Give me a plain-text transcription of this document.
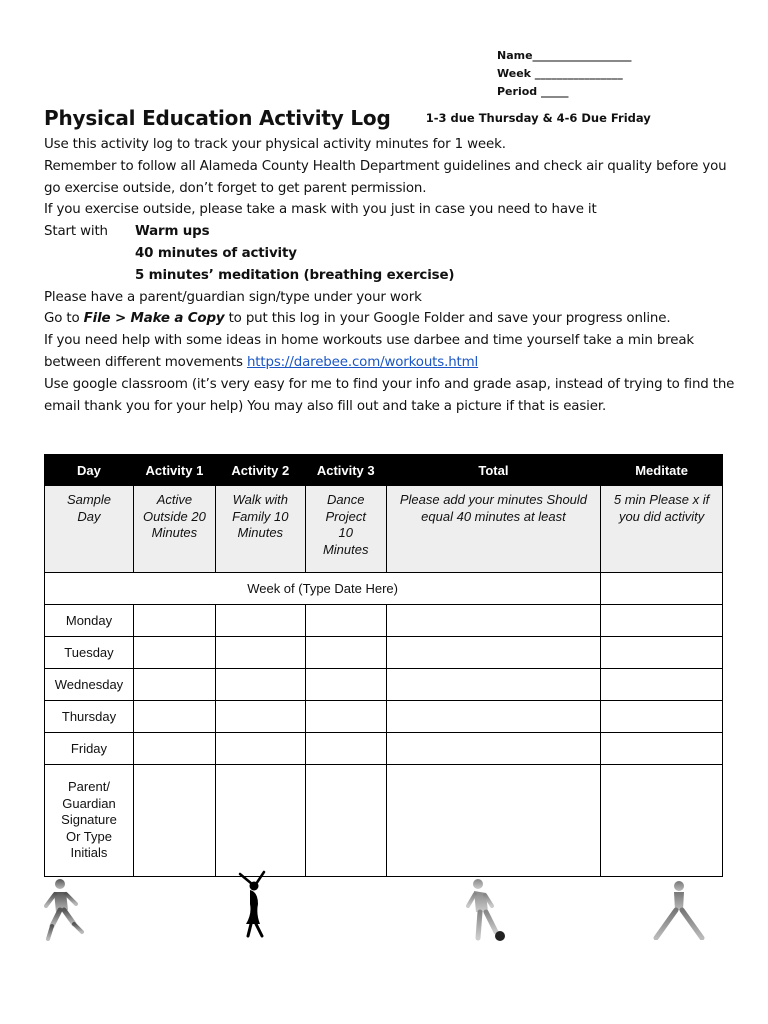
Name__________________
Week ________________
Period _____
Physical Education Activity Log	1-3 due Thursday & 4-6 Due Friday

Use this activity log to track your physical activity minutes for 1 week.

Remember to follow all Alameda County Health Department guidelines and check air quality before you go exercise outside, don’t forget to get parent permission.

If you exercise outside, please take a mask with you just in case you need to have it

Start with	Warm ups
40 minutes of activity
5 minutes’ meditation (breathing exercise)

Please have a parent/guardian sign/type under your work

Go to File > Make a Copy to put this log in your Google Folder and save your progress online.

If you need help with some ideas in home workouts use darbee and time yourself take a min break between different movements https://darebee.com/workouts.html

Use google classroom (it’s very easy for me to find your info and grade asap, instead of trying to find the email thank you for your help) You may also fill out and take a picture if that is easier.

Day	Activity 1	Activity 2	Activity 3	Total	Meditate
Sample Day	Active Outside 20 Minutes	Walk with Family 10 Minutes	Dance Project 10 Minutes	Please add your minutes Should equal 40 minutes at least	5 min Please x if you did activity
Week of (Type Date Here)					
Monday					
Tuesday					
Wednesday					
Thursday					
Friday					
Parent/ Guardian Signature Or Type Initials					
